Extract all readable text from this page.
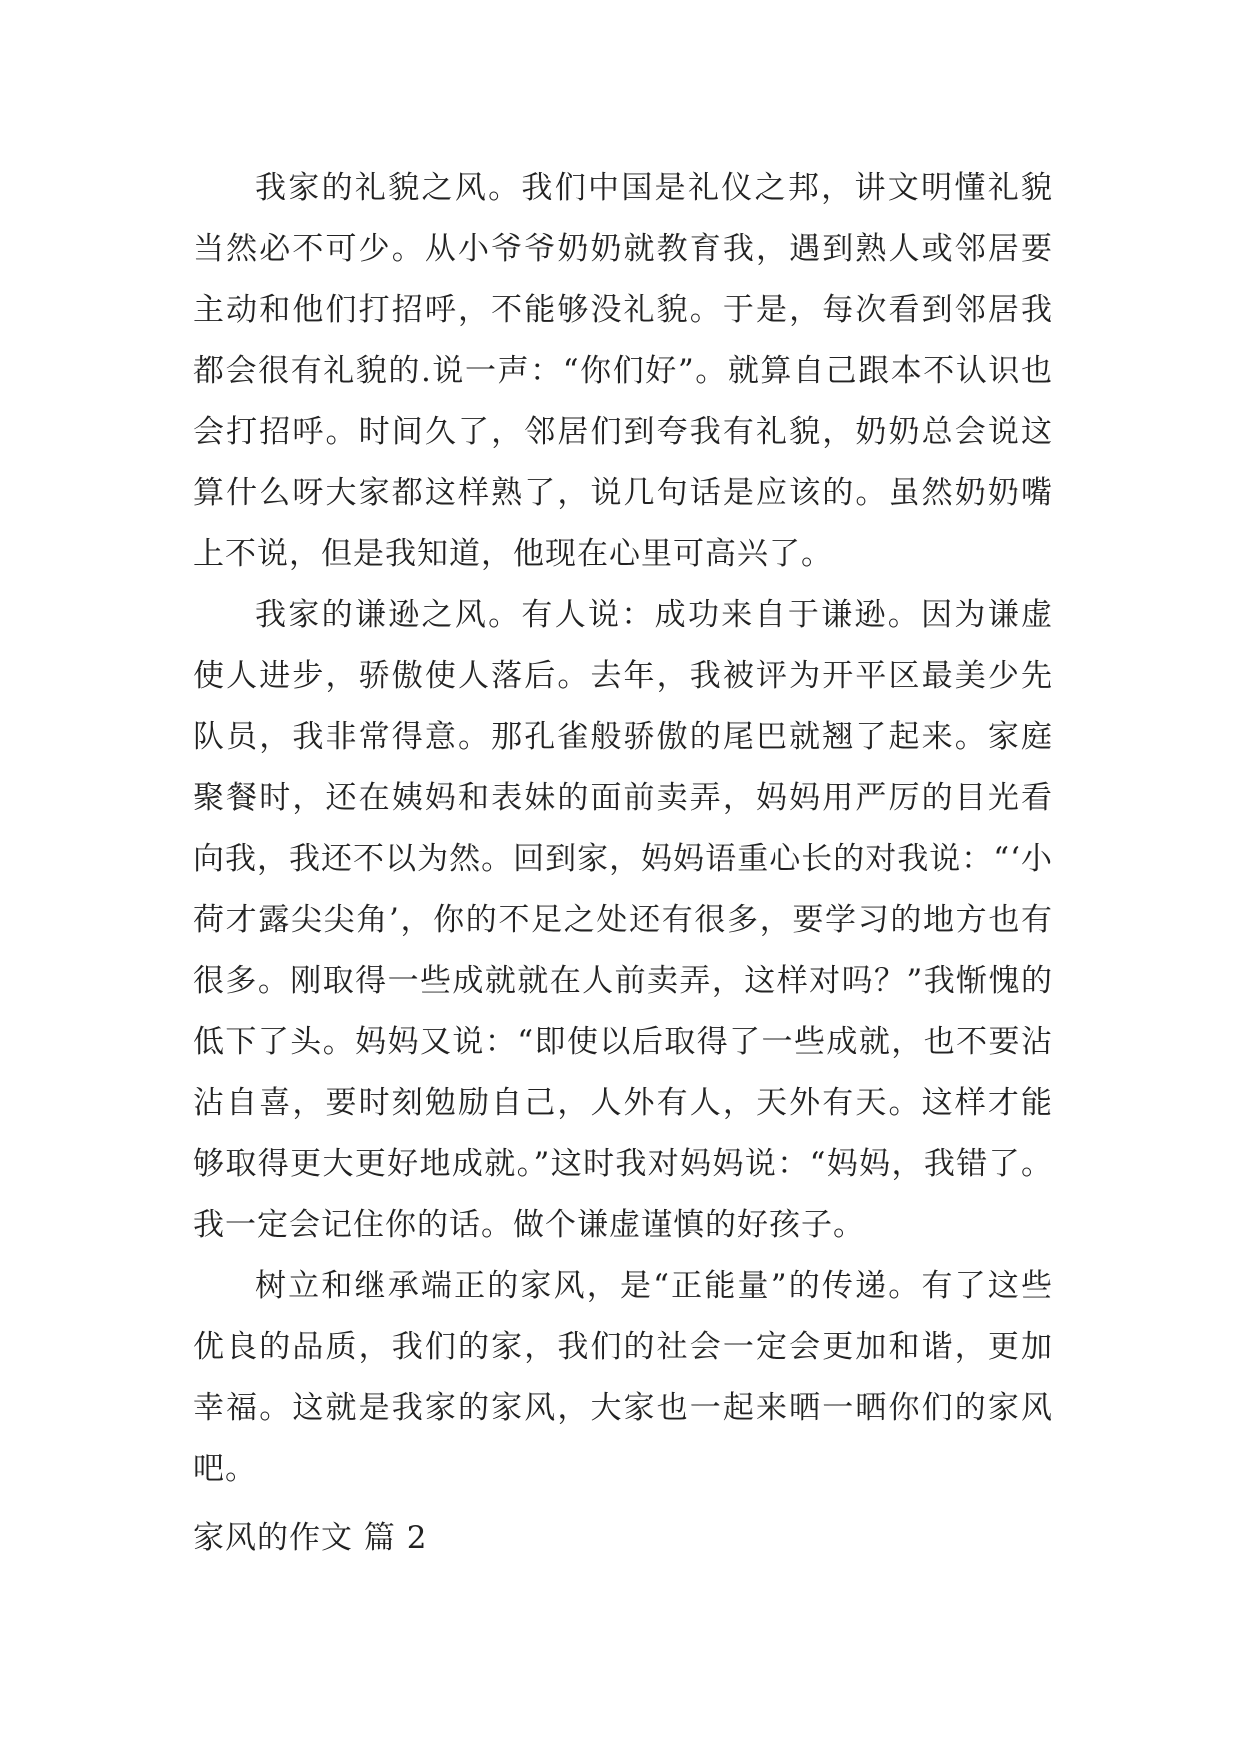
我家的礼貌之风。我们中国是礼仪之邦，讲文明懂礼貌当然必不可少。从小爷爷奶奶就教育我，遇到熟人或邻居要主动和他们打招呼，不能够没礼貌。于是，每次看到邻居我都会很有礼貌的.说一声：“你们好”。就算自己跟本不认识也会打招呼。时间久了，邻居们到夸我有礼貌，奶奶总会说这算什么呀大家都这样熟了，说几句话是应该的。虽然奶奶嘴上不说，但是我知道，他现在心里可高兴了。

我家的谦逊之风。有人说：成功来自于谦逊。因为谦虚使人进步，骄傲使人落后。去年，我被评为开平区最美少先队员，我非常得意。那孔雀般骄傲的尾巴就翘了起来。家庭聚餐时，还在姨妈和表妹的面前卖弄，妈妈用严厉的目光看向我，我还不以为然。回到家，妈妈语重心长的对我说：“‘小荷才露尖尖角’，你的不足之处还有很多，要学习的地方也有很多。刚取得一些成就就在人前卖弄，这样对吗？”我惭愧的低下了头。妈妈又说：“即使以后取得了一些成就，也不要沾沾自喜，要时刻勉励自己，人外有人，天外有天。这样才能够取得更大更好地成就。”这时我对妈妈说：“妈妈，我错了。我一定会记住你的话。做个谦虚谨慎的好孩子。

树立和继承端正的家风，是“正能量”的传递。有了这些优良的品质，我们的家，我们的社会一定会更加和谐，更加幸福。这就是我家的家风，大家也一起来晒一晒你们的家风吧。

家风的作文 篇 2
